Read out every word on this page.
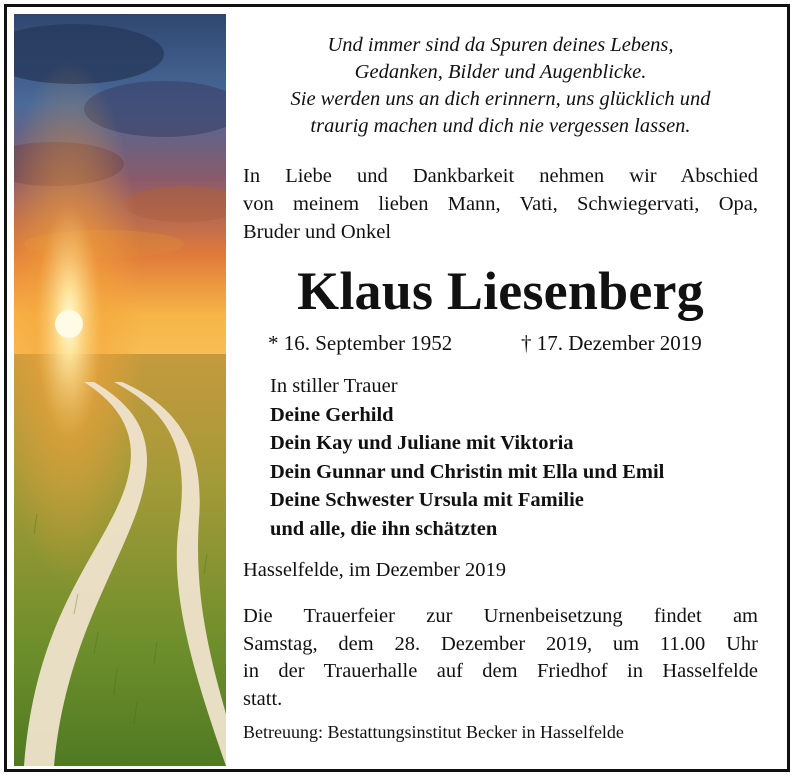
Und immer sind da Spuren deines Lebens,
Gedanken, Bilder und Augenblicke.
Sie werden uns an dich erinnern, uns glücklich und
traurig machen und dich nie vergessen lassen.
In Liebe und Dankbarkeit nehmen wir Abschied
von meinem lieben Mann, Vati, Schwiegervati, Opa,
Bruder und Onkel
Klaus Liesenberg
* 16. September 1952	† 17. Dezember 2019
In stiller Trauer
Deine Gerhild
Dein Kay und Juliane mit Viktoria
Dein Gunnar und Christin mit Ella und Emil
Deine Schwester Ursula mit Familie
und alle, die ihn schätzten
Hasselfelde, im Dezember 2019
Die Trauerfeier zur Urnenbeisetzung findet am
Samstag, dem 28. Dezember 2019, um 11.00 Uhr
in der Trauerhalle auf dem Friedhof in Hasselfelde
statt.
Betreuung: Bestattungsinstitut Becker in Hasselfelde
